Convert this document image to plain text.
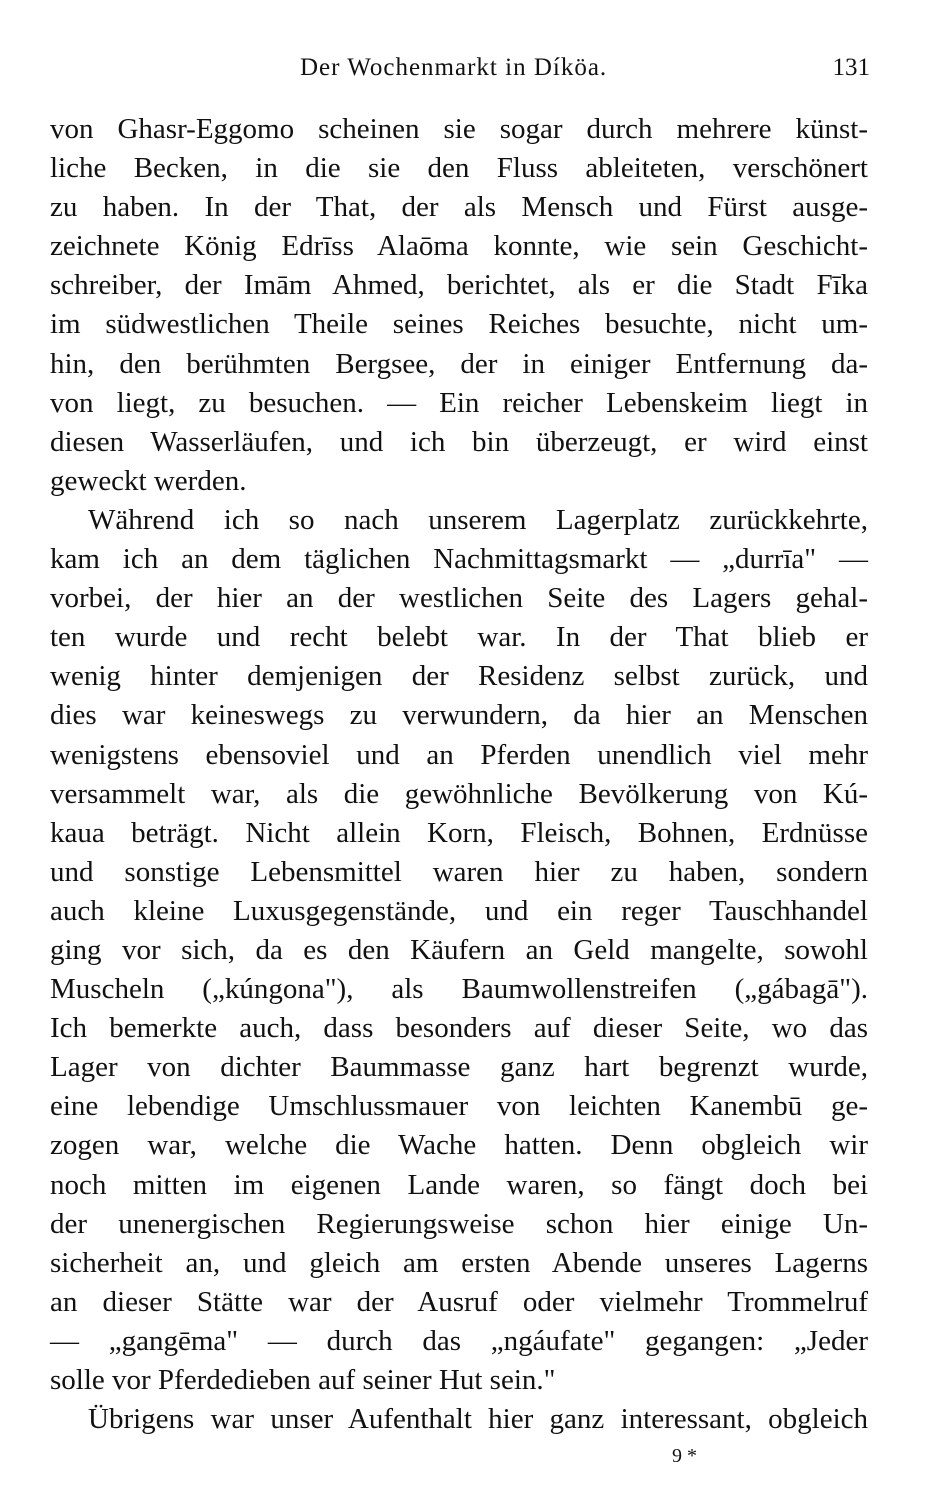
Der Wochenmarkt in Díköa.	131
von Ghasr-Eggomo scheinen sie sogar durch mehrere künst-
liche Becken, in die sie den Fluss ableiteten, verschönert
zu haben. In der That, der als Mensch und Fürst ausge-
zeichnete König Edrīss Alaōma konnte, wie sein Geschicht-
schreiber, der Imām Ahmed, berichtet, als er die Stadt Fīka
im südwestlichen Theile seines Reiches besuchte, nicht um-
hin, den berühmten Bergsee, der in einiger Entfernung da-
von liegt, zu besuchen. — Ein reicher Lebenskeim liegt in
diesen Wasserläufen, und ich bin überzeugt, er wird einst
geweckt werden.
Während ich so nach unserem Lagerplatz zurückkehrte,
kam ich an dem täglichen Nachmittagsmarkt — „durrīa" —
vorbei, der hier an der westlichen Seite des Lagers gehal-
ten wurde und recht belebt war. In der That blieb er
wenig hinter demjenigen der Residenz selbst zurück, und
dies war keineswegs zu verwundern, da hier an Menschen
wenigstens ebensoviel und an Pferden unendlich viel mehr
versammelt war, als die gewöhnliche Bevölkerung von Kú-
kaua beträgt. Nicht allein Korn, Fleisch, Bohnen, Erdnüsse
und sonstige Lebensmittel waren hier zu haben, sondern
auch kleine Luxusgegenstände, und ein reger Tauschhandel
ging vor sich, da es den Käufern an Geld mangelte, sowohl
Muscheln („kúngona"), als Baumwollenstreifen („gábagā").
Ich bemerkte auch, dass besonders auf dieser Seite, wo das
Lager von dichter Baummasse ganz hart begrenzt wurde,
eine lebendige Umschlussmauer von leichten Kanembū ge-
zogen war, welche die Wache hatten. Denn obgleich wir
noch mitten im eigenen Lande waren, so fängt doch bei
der unenergischen Regierungsweise schon hier einige Un-
sicherheit an, und gleich am ersten Abende unseres Lagerns
an dieser Stätte war der Ausruf oder vielmehr Trommelruf
— „gangēma" — durch das „ngáufate" gegangen: „Jeder
solle vor Pferdedieben auf seiner Hut sein."
Übrigens war unser Aufenthalt hier ganz interessant, obgleich
9 *
